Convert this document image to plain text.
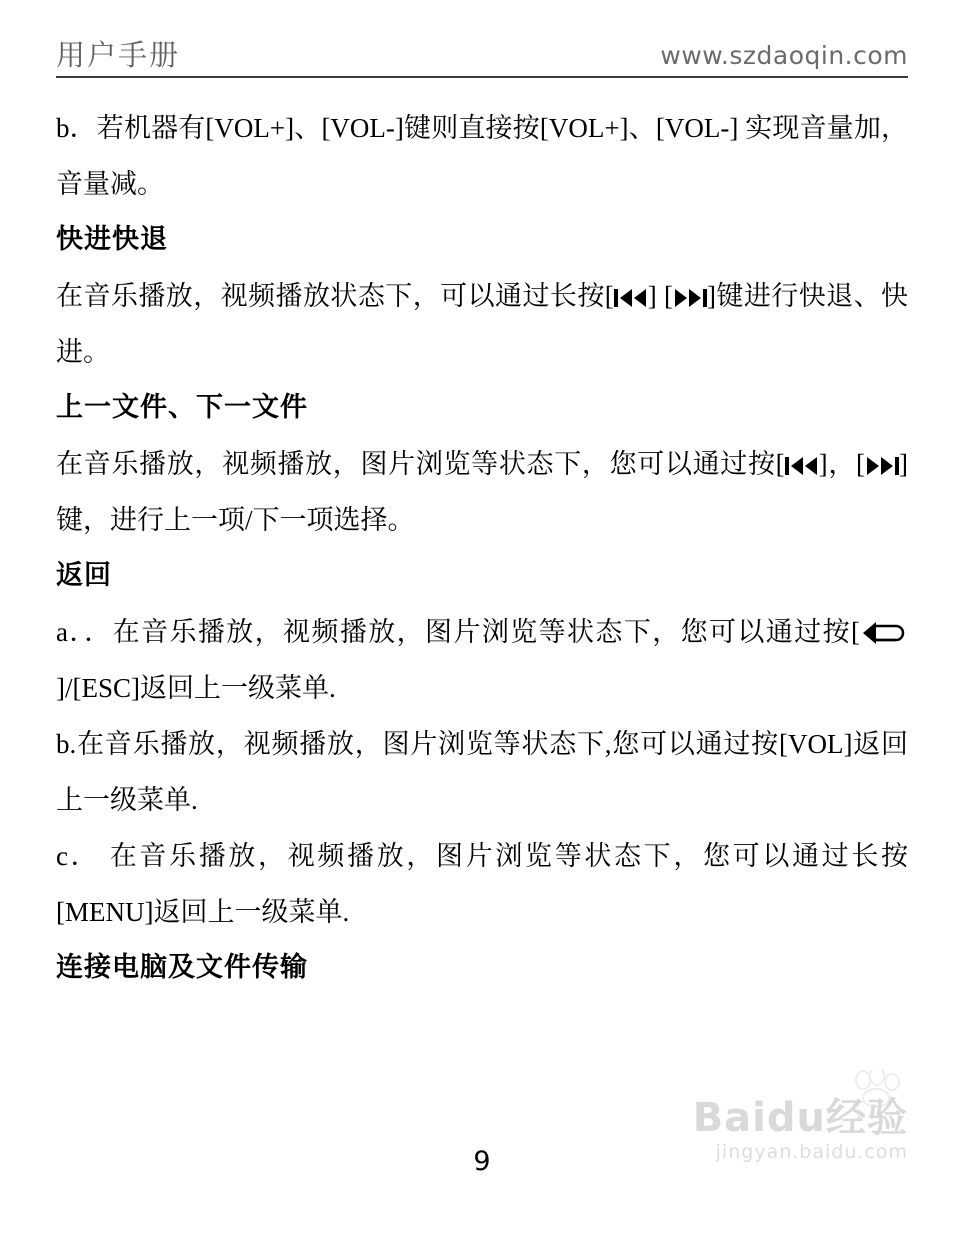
用户手册	www.szdaoqin.com

b．若机器有[VOL+]、[VOL-]键则直接按[VOL+]、[VOL-] 实现音量加，音量减。

快进快退

在音乐播放，视频播放状态下，可以通过长按[ ] [ ]键进行快退、快进。

上一文件、下一文件

在音乐播放，视频播放，图片浏览等状态下，您可以通过按[ ]，[ ]键，进行上一项/下一项选择。

返回

a．．在音乐播放，视频播放，图片浏览等状态下，您可以通过按[
]/[ESC]返回上一级菜单.

b.在音乐播放，视频播放，图片浏览等状态下,您可以通过按[VOL]返回上一级菜单.

c． 在音乐播放，视频播放，图片浏览等状态下，您可以通过长按[MENU]返回上一级菜单.

连接电脑及文件传输
9
Baidu经验
jingyan.baidu.com
